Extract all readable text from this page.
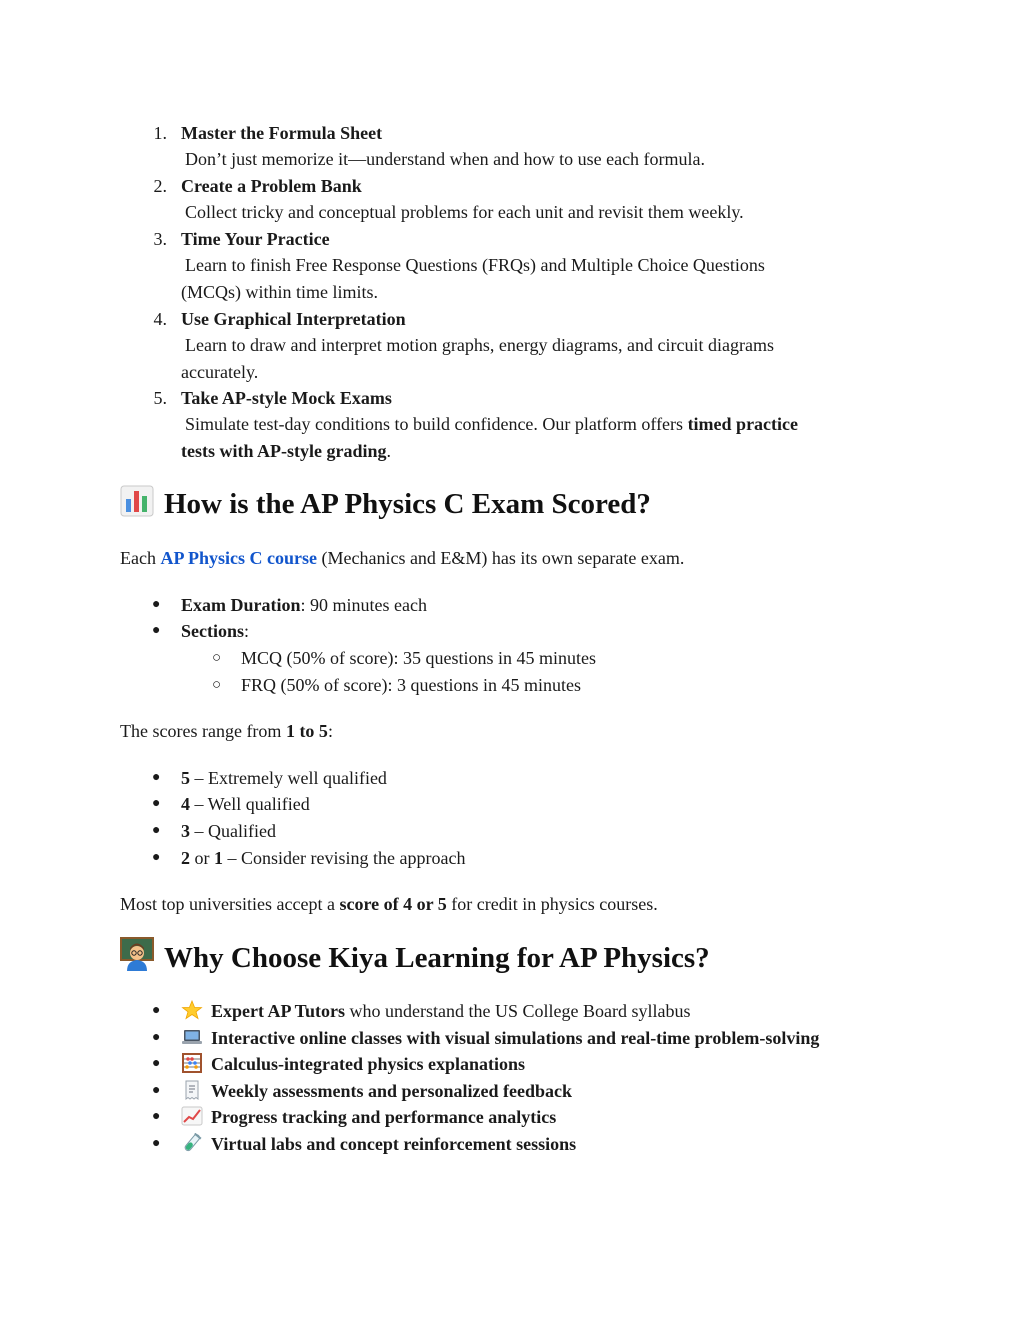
1. Master the Formula Sheet
Don’t just memorize it—understand when and how to use each formula.
2. Create a Problem Bank
Collect tricky and conceptual problems for each unit and revisit them weekly.
3. Time Your Practice
Learn to finish Free Response Questions (FRQs) and Multiple Choice Questions
(MCQs) within time limits.
4. Use Graphical Interpretation
Learn to draw and interpret motion graphs, energy diagrams, and circuit diagrams
accurately.
5. Take AP-style Mock Exams
Simulate test-day conditions to build confidence. Our platform offers timed practice
tests with AP-style grading.
How is the AP Physics C Exam Scored?
Each AP Physics C course (Mechanics and E&M) has its own separate exam.
● Exam Duration: 90 minutes each
● Sections:
○ MCQ (50% of score): 35 questions in 45 minutes
○ FRQ (50% of score): 3 questions in 45 minutes
The scores range from 1 to 5:
● 5 – Extremely well qualified
● 4 – Well qualified
● 3 – Qualified
● 2 or 1 – Consider revising the approach
Most top universities accept a score of 4 or 5 for credit in physics courses.
Why Choose Kiya Learning for AP Physics?
●	Expert AP Tutors who understand the US College Board syllabus
●	Interactive online classes with visual simulations and real-time problem-solving
●	Calculus-integrated physics explanations
●	Weekly assessments and personalized feedback
●	Progress tracking and performance analytics
●	Virtual labs and concept reinforcement sessions
